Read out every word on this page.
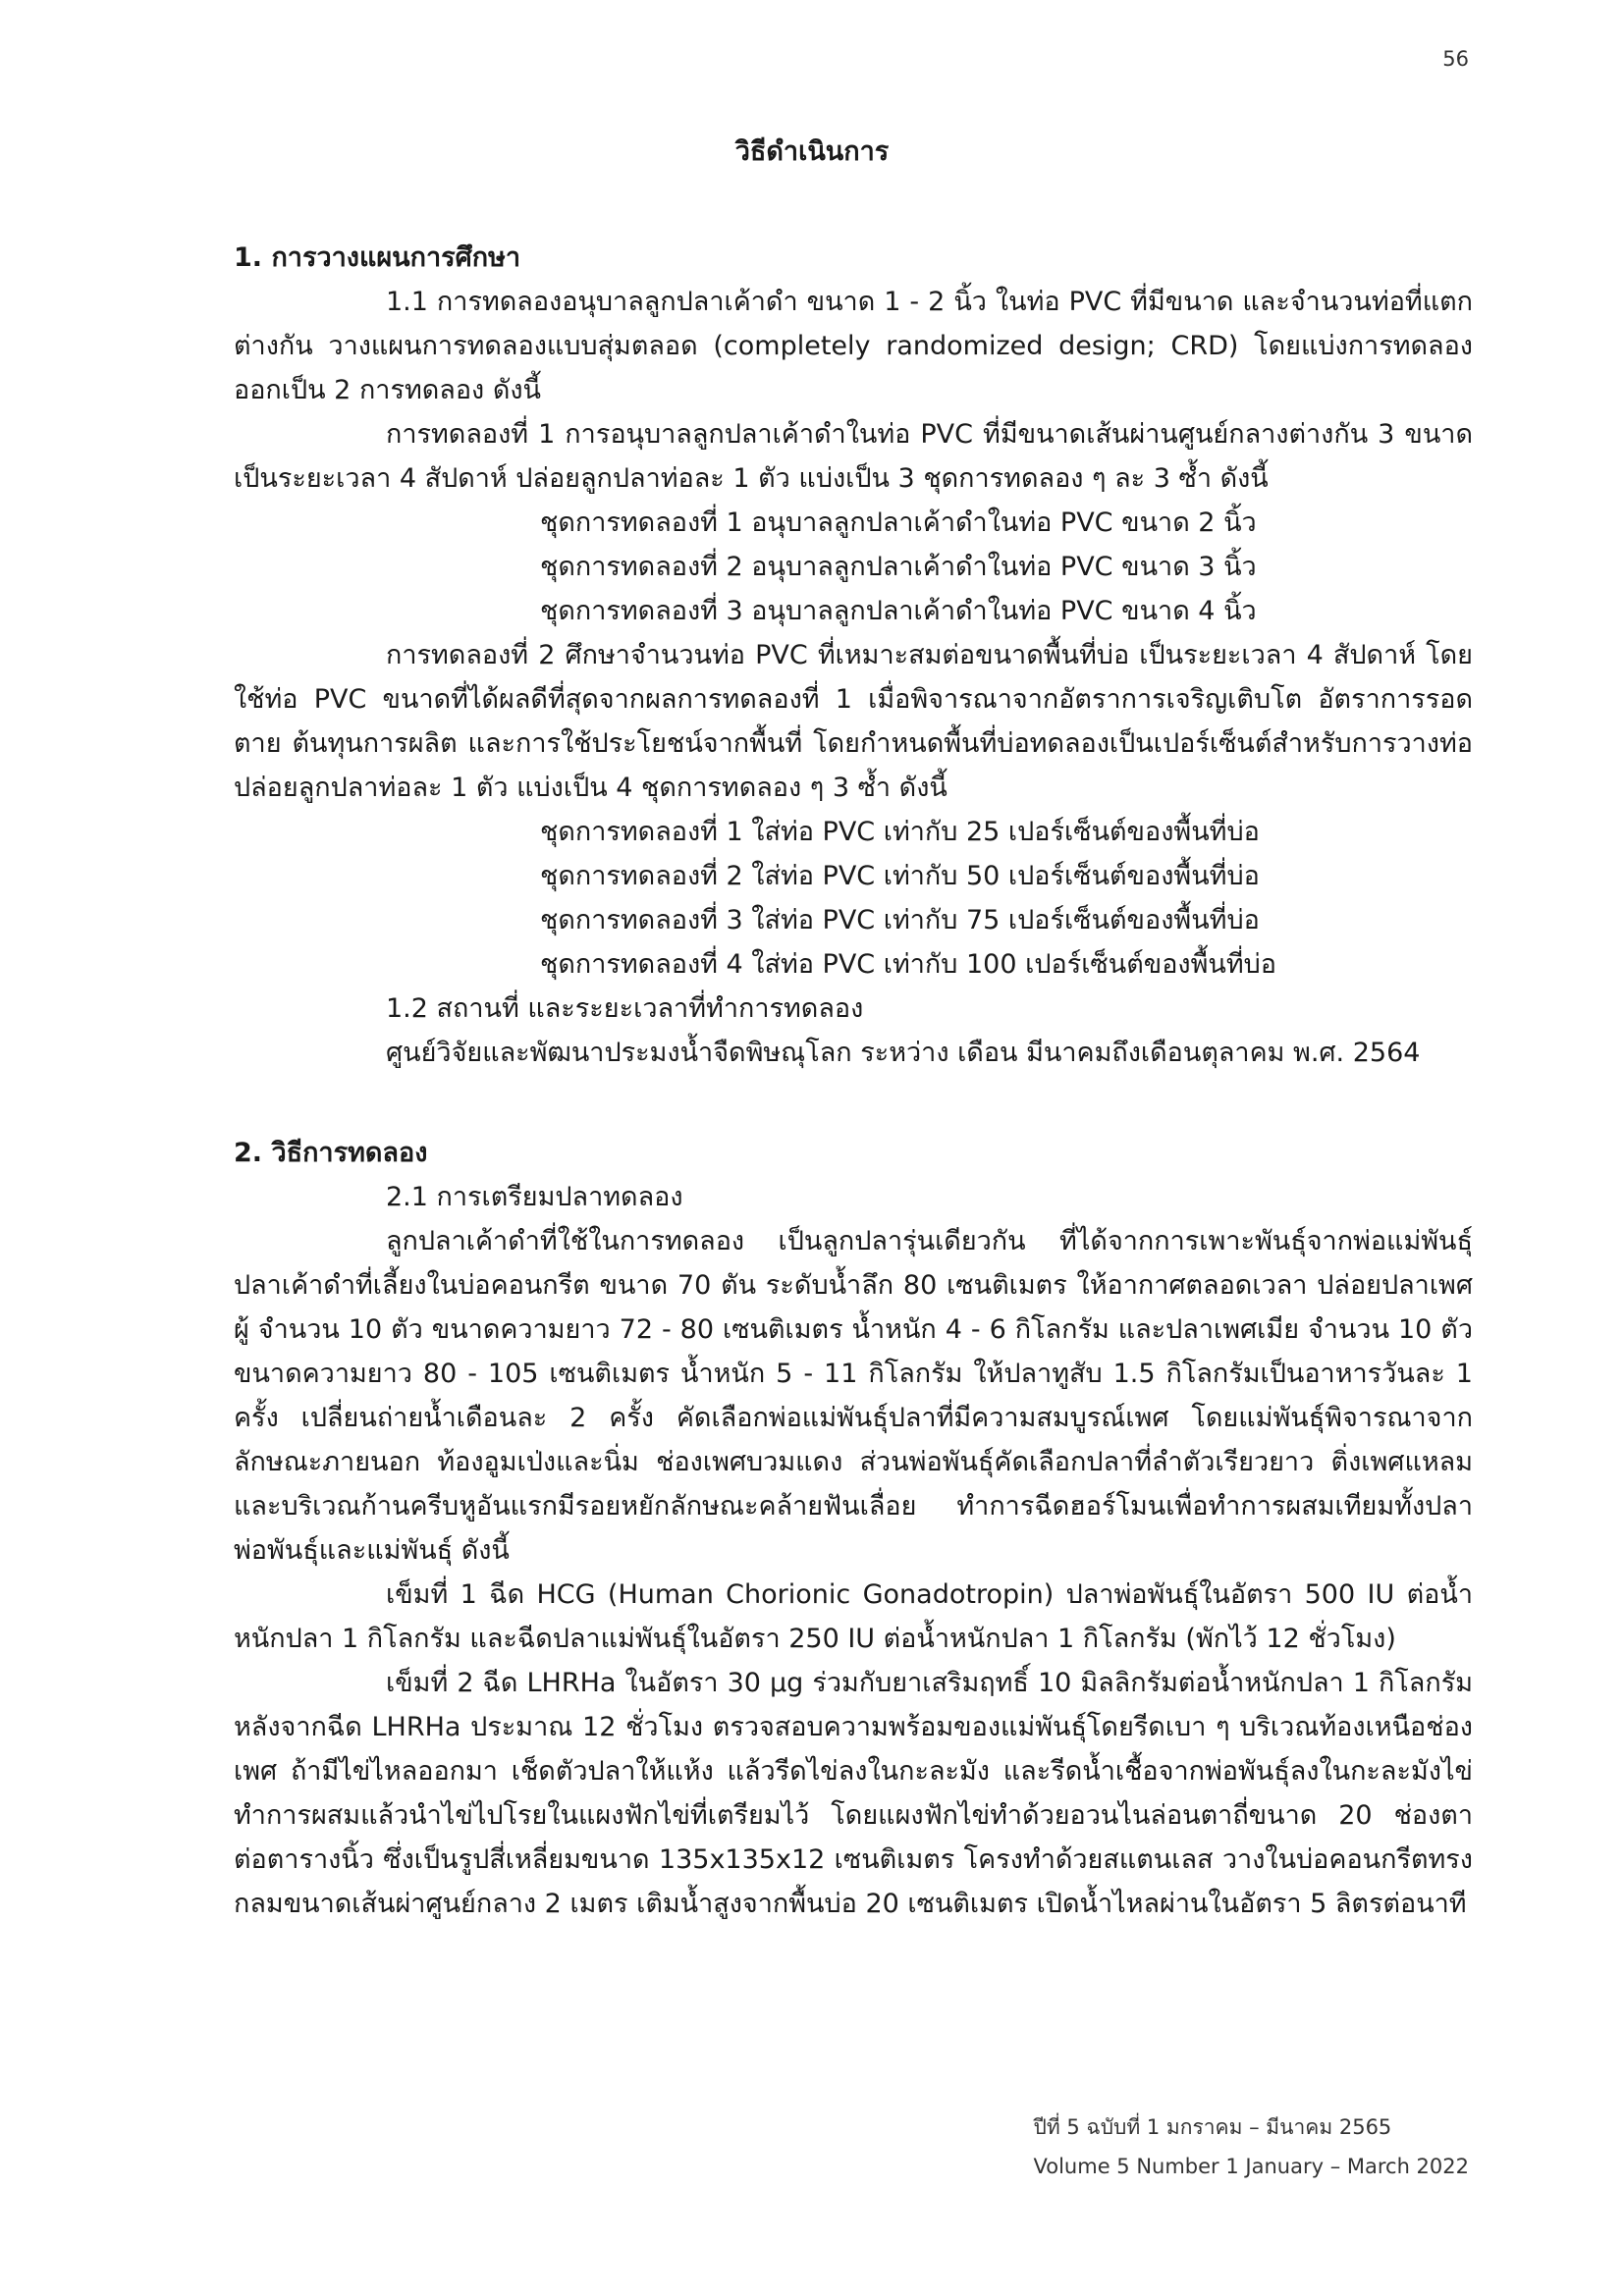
56
วิธีดำเนินการ

1. การวางแผนการศึกษา

1.1 การทดลองอนุบาลลูกปลาเค้าดำ ขนาด 1 - 2 นิ้ว ในท่อ PVC ที่มีขนาด และจำนวนท่อที่แตกต่างกัน วางแผนการทดลองแบบสุ่มตลอด (completely randomized design; CRD) โดยแบ่งการทดลองออกเป็น 2 การทดลอง ดังนี้

การทดลองที่ 1 การอนุบาลลูกปลาเค้าดำในท่อ PVC ที่มีขนาดเส้นผ่านศูนย์กลางต่างกัน 3 ขนาด เป็นระยะเวลา 4 สัปดาห์ ปล่อยลูกปลาท่อละ 1 ตัว แบ่งเป็น 3 ชุดการทดลอง ๆ ละ 3 ซ้ำ ดังนี้

ชุดการทดลองที่ 1 อนุบาลลูกปลาเค้าดำในท่อ PVC ขนาด 2 นิ้ว

ชุดการทดลองที่ 2 อนุบาลลูกปลาเค้าดำในท่อ PVC ขนาด 3 นิ้ว

ชุดการทดลองที่ 3 อนุบาลลูกปลาเค้าดำในท่อ PVC ขนาด 4 นิ้ว

การทดลองที่ 2 ศึกษาจำนวนท่อ PVC ที่เหมาะสมต่อขนาดพื้นที่บ่อ เป็นระยะเวลา 4 สัปดาห์ โดยใช้ท่อ PVC ขนาดที่ได้ผลดีที่สุดจากผลการทดลองที่ 1 เมื่อพิจารณาจากอัตราการเจริญเติบโต อัตราการรอดตาย ต้นทุนการผลิต และการใช้ประโยชน์จากพื้นที่ โดยกำหนดพื้นที่บ่อทดลองเป็นเปอร์เซ็นต์สำหรับการวางท่อ ปล่อยลูกปลาท่อละ 1 ตัว แบ่งเป็น 4 ชุดการทดลอง ๆ 3 ซ้ำ ดังนี้

ชุดการทดลองที่ 1 ใส่ท่อ PVC เท่ากับ 25 เปอร์เซ็นต์ของพื้นที่บ่อ

ชุดการทดลองที่ 2 ใส่ท่อ PVC เท่ากับ 50 เปอร์เซ็นต์ของพื้นที่บ่อ

ชุดการทดลองที่ 3 ใส่ท่อ PVC เท่ากับ 75 เปอร์เซ็นต์ของพื้นที่บ่อ

ชุดการทดลองที่ 4 ใส่ท่อ PVC เท่ากับ 100 เปอร์เซ็นต์ของพื้นที่บ่อ

1.2 สถานที่ และระยะเวลาที่ทำการทดลอง

ศูนย์วิจัยและพัฒนาประมงน้ำจืดพิษณุโลก ระหว่าง เดือน มีนาคมถึงเดือนตุลาคม พ.ศ. 2564

2. วิธีการทดลอง

2.1 การเตรียมปลาทดลอง

ลูกปลาเค้าดำที่ใช้ในการทดลอง เป็นลูกปลารุ่นเดียวกัน ที่ได้จากการเพาะพันธุ์จากพ่อแม่พันธุ์ปลาเค้าดำที่เลี้ยงในบ่อคอนกรีต ขนาด 70 ตัน ระดับน้ำลึก 80 เซนติเมตร ให้อากาศตลอดเวลา ปล่อยปลาเพศผู้ จำนวน 10 ตัว ขนาดความยาว 72 - 80 เซนติเมตร น้ำหนัก 4 - 6 กิโลกรัม และปลาเพศเมีย จำนวน 10 ตัว ขนาดความยาว 80 - 105 เซนติเมตร น้ำหนัก 5 - 11 กิโลกรัม ให้ปลาทูสับ 1.5 กิโลกรัมเป็นอาหารวันละ 1 ครั้ง เปลี่ยนถ่ายน้ำเดือนละ 2 ครั้ง คัดเลือกพ่อแม่พันธุ์ปลาที่มีความสมบูรณ์เพศ โดยแม่พันธุ์พิจารณาจากลักษณะภายนอก ท้องอูมเป่งและนิ่ม ช่องเพศบวมแดง ส่วนพ่อพันธุ์คัดเลือกปลาที่ลำตัวเรียวยาว ติ่งเพศแหลม และบริเวณก้านครีบหูอันแรกมีรอยหยักลักษณะคล้ายฟันเลื่อย ทำการฉีดฮอร์โมนเพื่อทำการผสมเทียมทั้งปลาพ่อพันธุ์และแม่พันธุ์ ดังนี้

เข็มที่ 1 ฉีด HCG (Human Chorionic Gonadotropin) ปลาพ่อพันธุ์ในอัตรา 500 IU ต่อน้ำหนักปลา 1 กิโลกรัม และฉีดปลาแม่พันธุ์ในอัตรา 250 IU ต่อน้ำหนักปลา 1 กิโลกรัม (พักไว้ 12 ชั่วโมง)

เข็มที่ 2 ฉีด LHRHa ในอัตรา 30 µg ร่วมกับยาเสริมฤทธิ์ 10 มิลลิกรัมต่อน้ำหนักปลา 1 กิโลกรัม หลังจากฉีด LHRHa ประมาณ 12 ชั่วโมง ตรวจสอบความพร้อมของแม่พันธุ์โดยรีดเบา ๆ บริเวณท้องเหนือช่องเพศ ถ้ามีไข่ไหลออกมา เช็ดตัวปลาให้แห้ง แล้วรีดไข่ลงในกะละมัง และรีดน้ำเชื้อจากพ่อพันธุ์ลงในกะละมังไข่ ทำการผสมแล้วนำไข่ไปโรยในแผงฟักไข่ที่เตรียมไว้ โดยแผงฟักไข่ทำด้วยอวนไนล่อนตาถี่ขนาด 20 ช่องตาต่อตารางนิ้ว ซึ่งเป็นรูปสี่เหลี่ยมขนาด 135x135x12 เซนติเมตร โครงทำด้วยสแตนเลส วางในบ่อคอนกรีตทรงกลมขนาดเส้นผ่าศูนย์กลาง 2 เมตร เติมน้ำสูงจากพื้นบ่อ 20 เซนติเมตร เปิดน้ำไหลผ่านในอัตรา 5 ลิตรต่อนาที

ปีที่ 5 ฉบับที่ 1 มกราคม – มีนาคม 2565
Volume 5 Number 1 January – March 2022
